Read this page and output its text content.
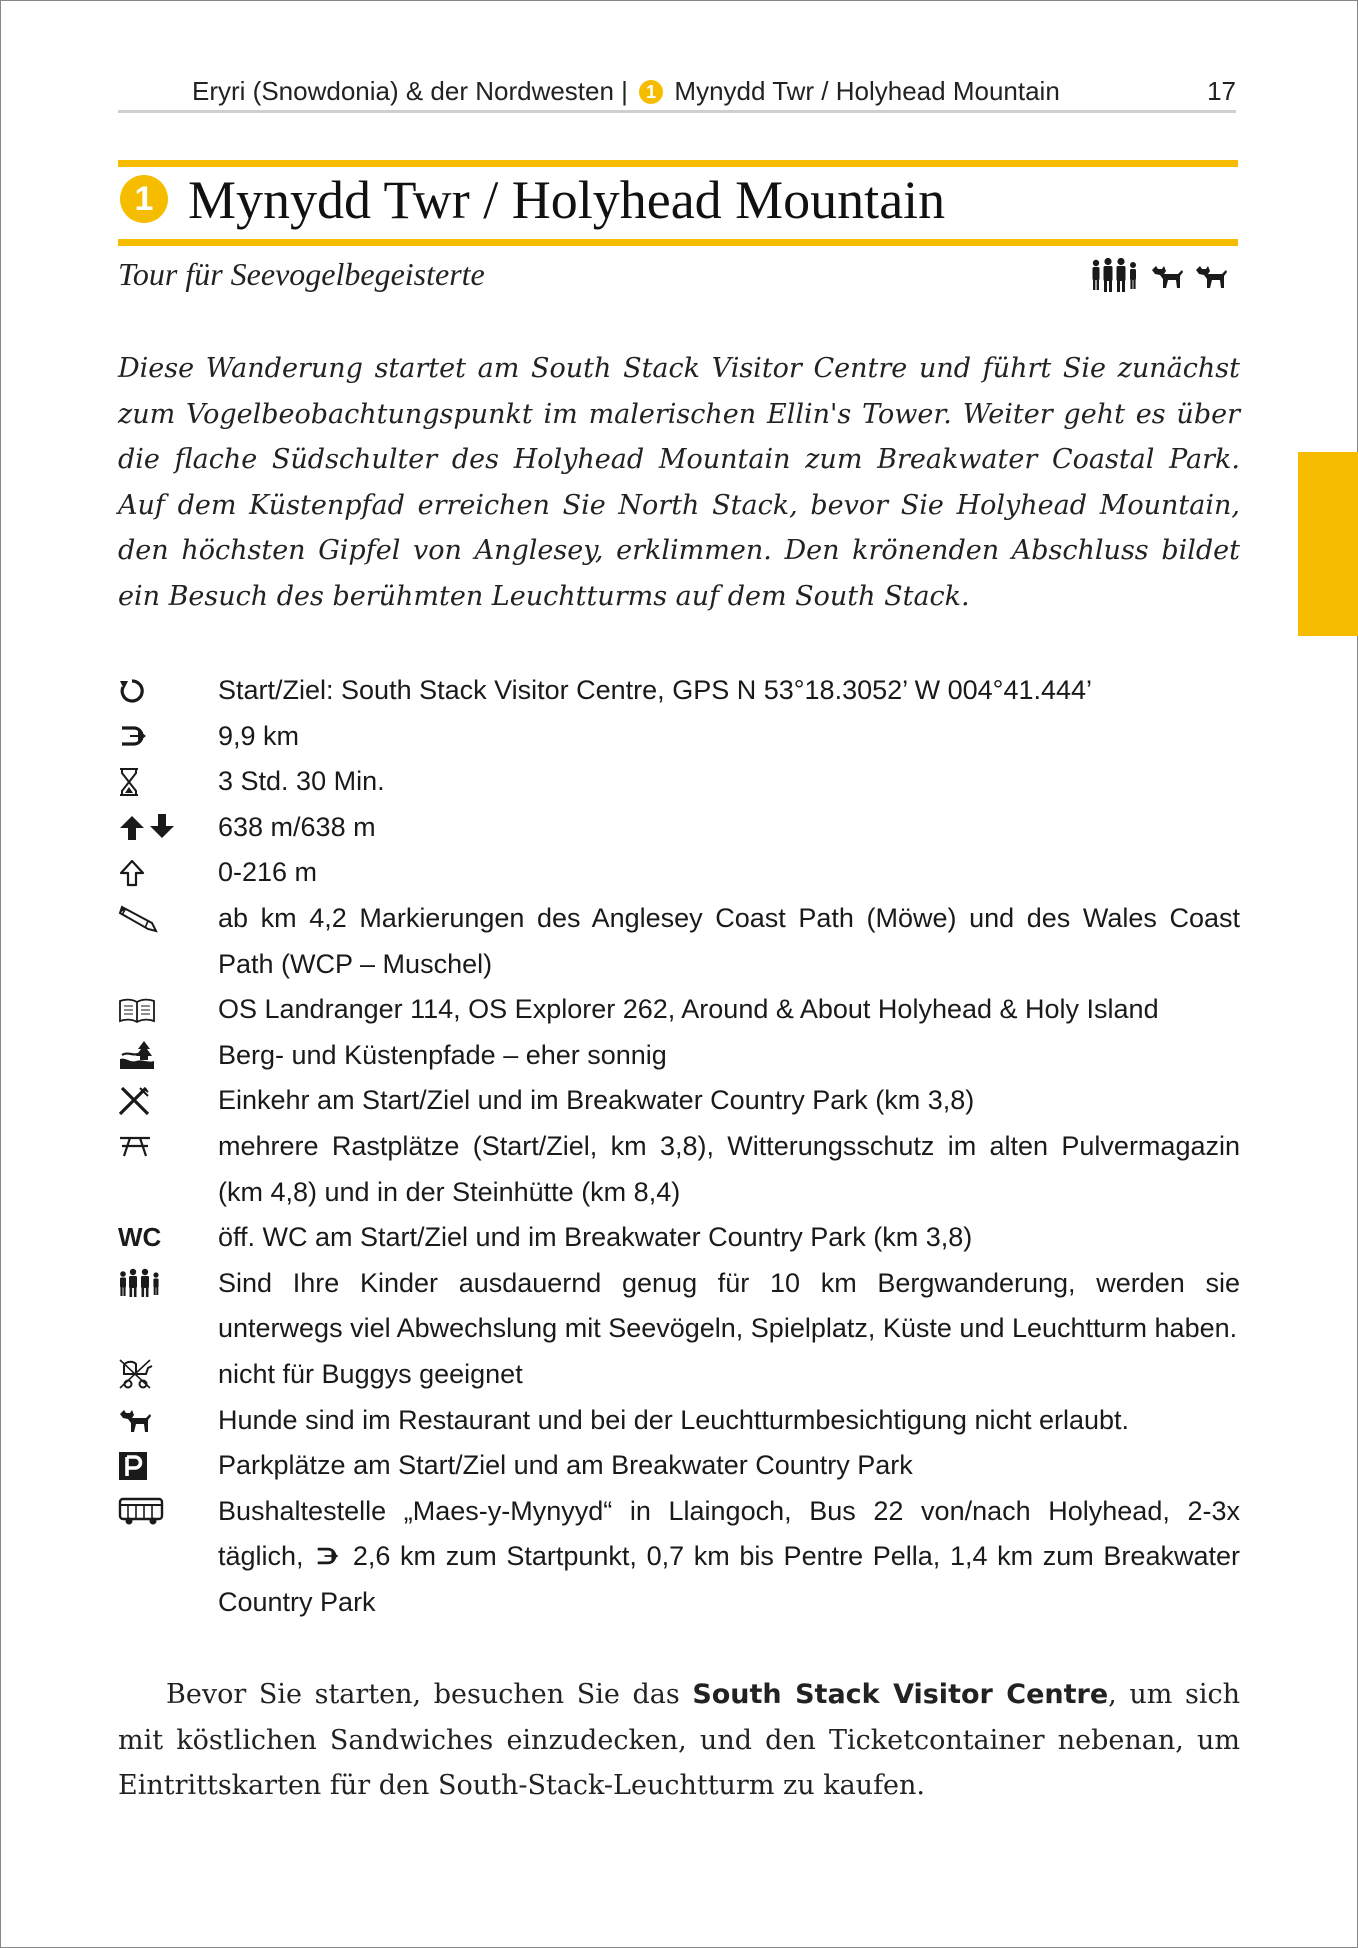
Eryri (Snowdonia) & der Nordwesten | 1 Mynydd Twr / Holyhead Mountain	17
1 Mynydd Twr / Holyhead Mountain
Tour für Seevogelbegeisterte

Diese Wanderung startet am South Stack Visitor Centre und führt Sie zunächst zum Vogelbeobachtungspunkt im malerischen Ellin's Tower. Weiter geht es über die flache Südschulter des Holyhead Mountain zum Breakwater Coastal Park. Auf dem Küstenpfad erreichen Sie North Stack, bevor Sie Holyhead Mountain, den höchsten Gipfel von Anglesey, erklimmen. Den krönenden Abschluss bildet ein Besuch des berühmten Leuchtturms auf dem South Stack.

Start/Ziel: South Stack Visitor Centre, GPS N 53°18.3052’ W 004°41.444’
9,9 km
3 Std. 30 Min.
638 m/638 m
0-216 m
ab km 4,2 Markierungen des Anglesey Coast Path (Möwe) und des Wales Coast Path (WCP – Muschel)
OS Landranger 114, OS Explorer 262, Around & About Holyhead & Holy Island
Berg- und Küstenpfade – eher sonnig
Einkehr am Start/Ziel und im Breakwater Country Park (km 3,8)
mehrere Rastplätze (Start/Ziel, km 3,8), Witterungsschutz im alten Pulvermagazin (km 4,8) und in der Steinhütte (km 8,4)
WC öff. WC am Start/Ziel und im Breakwater Country Park (km 3,8)
Sind Ihre Kinder ausdauernd genug für 10 km Bergwanderung, werden sie unterwegs viel Abwechslung mit Seevögeln, Spielplatz, Küste und Leuchtturm haben.
nicht für Buggys geeignet
Hunde sind im Restaurant und bei der Leuchtturmbesichtigung nicht erlaubt.
Parkplätze am Start/Ziel und am Breakwater Country Park
Bushaltestelle „Maes-y-Mynyyd“ in Llaingoch, Bus 22 von/nach Holyhead, 2-3x täglich, 2,6 km zum Startpunkt, 0,7 km bis Pentre Pella, 1,4 km zum Breakwater Country Park

Bevor Sie starten, besuchen Sie das South Stack Visitor Centre, um sich mit köstlichen Sandwiches einzudecken, und den Ticketcontainer nebenan, um Eintrittskarten für den South-Stack-Leuchtturm zu kaufen.
